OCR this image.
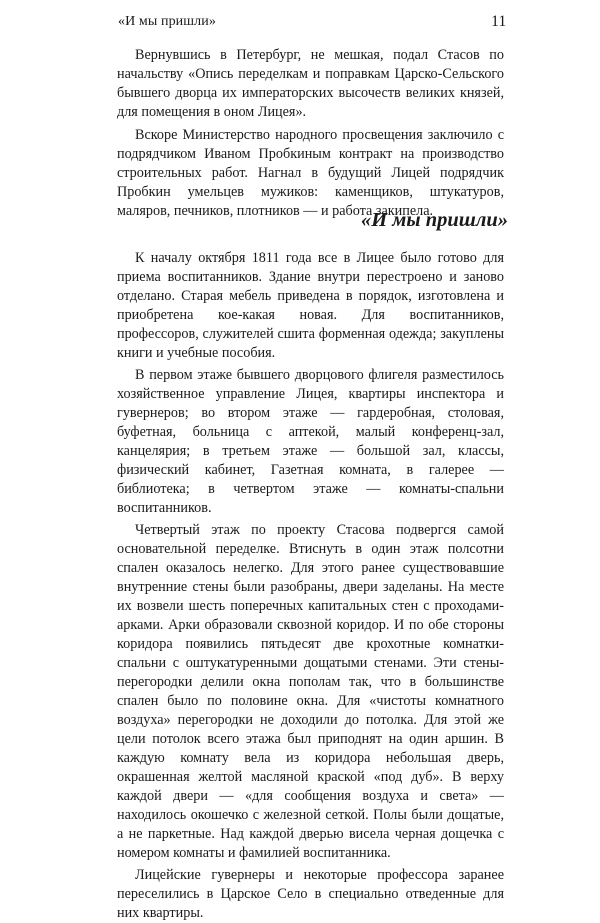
«И мы пришли»	11

Вернувшись в Петербург, не мешкая, подал Стасов по начальству «Опись переделкам и поправкам Царско-Сельского бывшего дворца их императорских высочеств великих князей, для помещения в оном Лицея».

Вскоре Министерство народного просвещения заключило с подрядчиком Иваном Пробкиным контракт на производство строительных работ. Нагнал в будущий Лицей подрядчик Пробкин умельцев мужиков: каменщиков, штукатуров, маляров, печников, плотников — и работа закипела.

«И мы пришли»

К началу октября 1811 года все в Лицее было готово для приема воспитанников. Здание внутри перестроено и заново отделано. Старая мебель приведена в порядок, изготовлена и приобретена кое-какая новая. Для воспитанников, профессоров, служителей сшита форменная одежда; закуплены книги и учебные пособия.

В первом этаже бывшего дворцового флигеля разместилось хозяйственное управление Лицея, квартиры инспектора и гувернеров; во втором этаже — гардеробная, столовая, буфетная, больница с аптекой, малый конференц-зал, канцелярия; в третьем этаже — большой зал, классы, физический кабинет, Газетная комната, в галерее — библиотека; в четвертом этаже — комнаты-спальни воспитанников.

Четвертый этаж по проекту Стасова подвергся самой основательной переделке. Втиснуть в один этаж полсотни спален оказалось нелегко. Для этого ранее существовавшие внутренние стены были разобраны, двери заделаны. На месте их возвели шесть поперечных капитальных стен с проходами-арками. Арки образовали сквозной коридор. И по обе стороны коридора появились пятьдесят две крохотные комнатки-спальни с оштукатуренными дощатыми стенами. Эти стены-перегородки делили окна пополам так, что в большинстве спален было по половине окна. Для «чистоты комнатного воздуха» перегородки не доходили до потолка. Для этой же цели потолок всего этажа был приподнят на один аршин. В каждую комнату вела из коридора небольшая дверь, окрашенная желтой масляной краской «под дуб». В верху каждой двери — «для сообщения воздуха и света» — находилось окошечко с железной сеткой. Полы были дощатые, а не паркетные. Над каждой дверью висела черная дощечка с номером комнаты и фамилией воспитанника.

Лицейские гувернеры и некоторые профессора заранее переселились в Царское Село в специально отведенные для них квартиры.
